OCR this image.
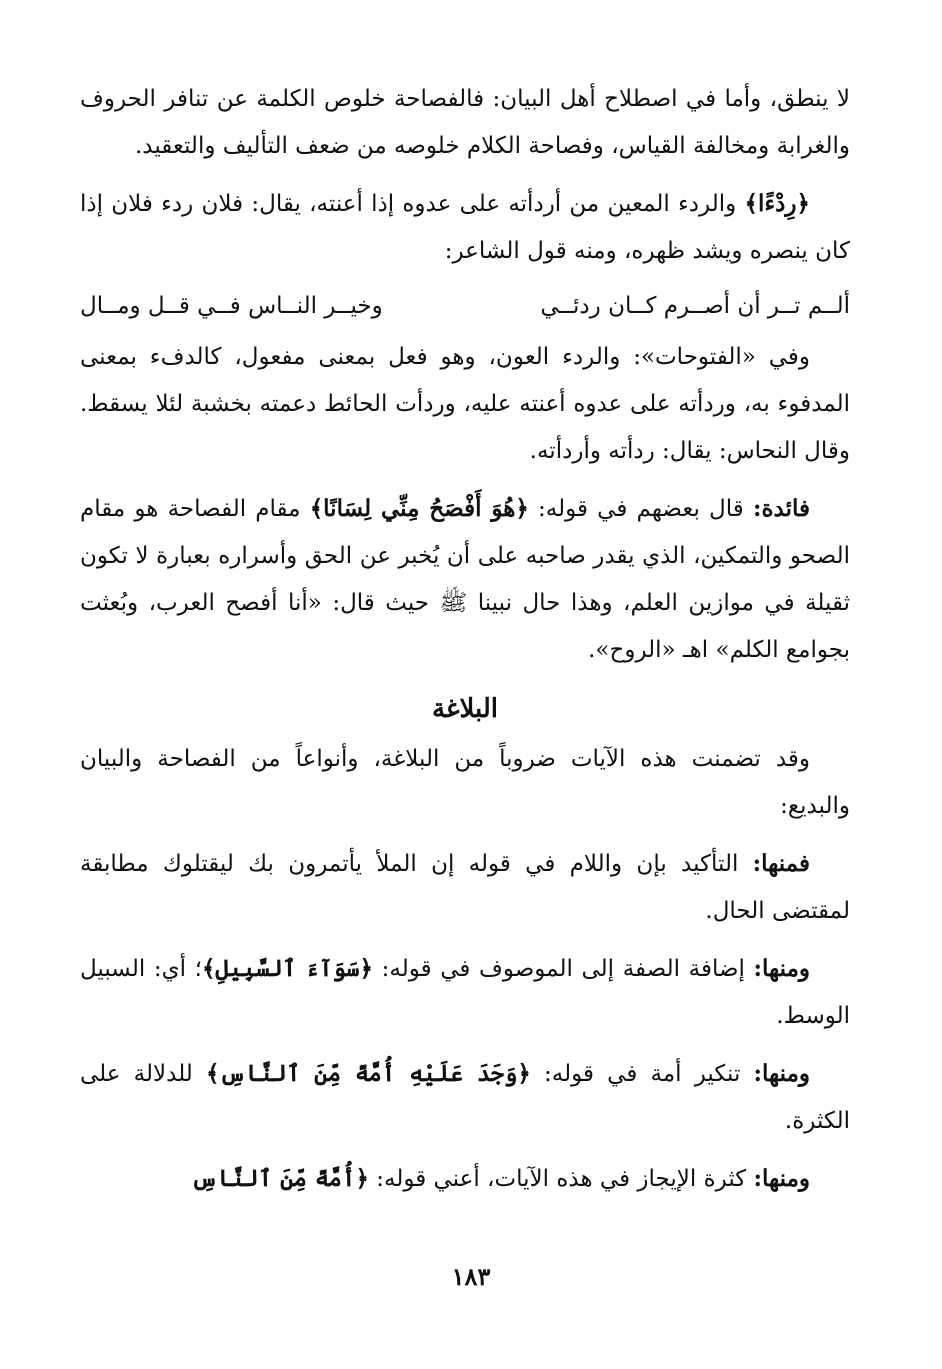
لا ينطق، وأما في اصطلاح أهل البيان: فالفصاحة خلوص الكلمة عن تنافر الحروف والغرابة ومخالفة القياس، وفصاحة الكلام خلوصه من ضعف التأليف والتعقيد.

﴿رِدْءًا﴾ والردء المعين من أردأته على عدوه إذا أعنته، يقال: فلان ردء فلان إذا كان ينصره ويشد ظهره، ومنه قول الشاعر:

ألــم تــر أن أصــرم كــان ردئــي
وخيــر النــاس فــي قــل ومــال

وفي «الفتوحات»: والردء العون، وهو فعل بمعنى مفعول، كالدفء بمعنى المدفوء به، وردأته على عدوه أعنته عليه، وردأت الحائط دعمته بخشبة لئلا يسقط. وقال النحاس: يقال: ردأته وأردأته.

فائدة: قال بعضهم في قوله: ﴿هُوَ أَفْصَحُ مِنِّي لِسَانًا﴾ مقام الفصاحة هو مقام الصحو والتمكين، الذي يقدر صاحبه على أن يُخبر عن الحق وأسراره بعبارة لا تكون ثقيلة في موازين العلم، وهذا حال نبينا ﷺ حيث قال: «أنا أفصح العرب، وبُعثت بجوامع الكلم» اهـ «الروح».

البلاغة

وقد تضمنت هذه الآيات ضروباً من البلاغة، وأنواعاً من الفصاحة والبيان والبديع:

فمنها: التأكيد بإن واللام في قوله إن الملأ يأتمرون بك ليقتلوك مطابقة لمقتضى الحال.

ومنها: إضافة الصفة إلى الموصوف في قوله: ﴿سَوَآءَ ٱلسَّبِيلِ﴾؛ أي: السبيل الوسط.

ومنها: تنكير أمة في قوله: ﴿وَجَدَ عَلَيْهِ أُمَّةً مِّنَ ٱلنَّاسِ﴾ للدلالة على الكثرة.

ومنها: كثرة الإيجاز في هذه الآيات، أعني قوله: ﴿أُمَّةً مِّنَ ٱلنَّاسِ

١٨٣
